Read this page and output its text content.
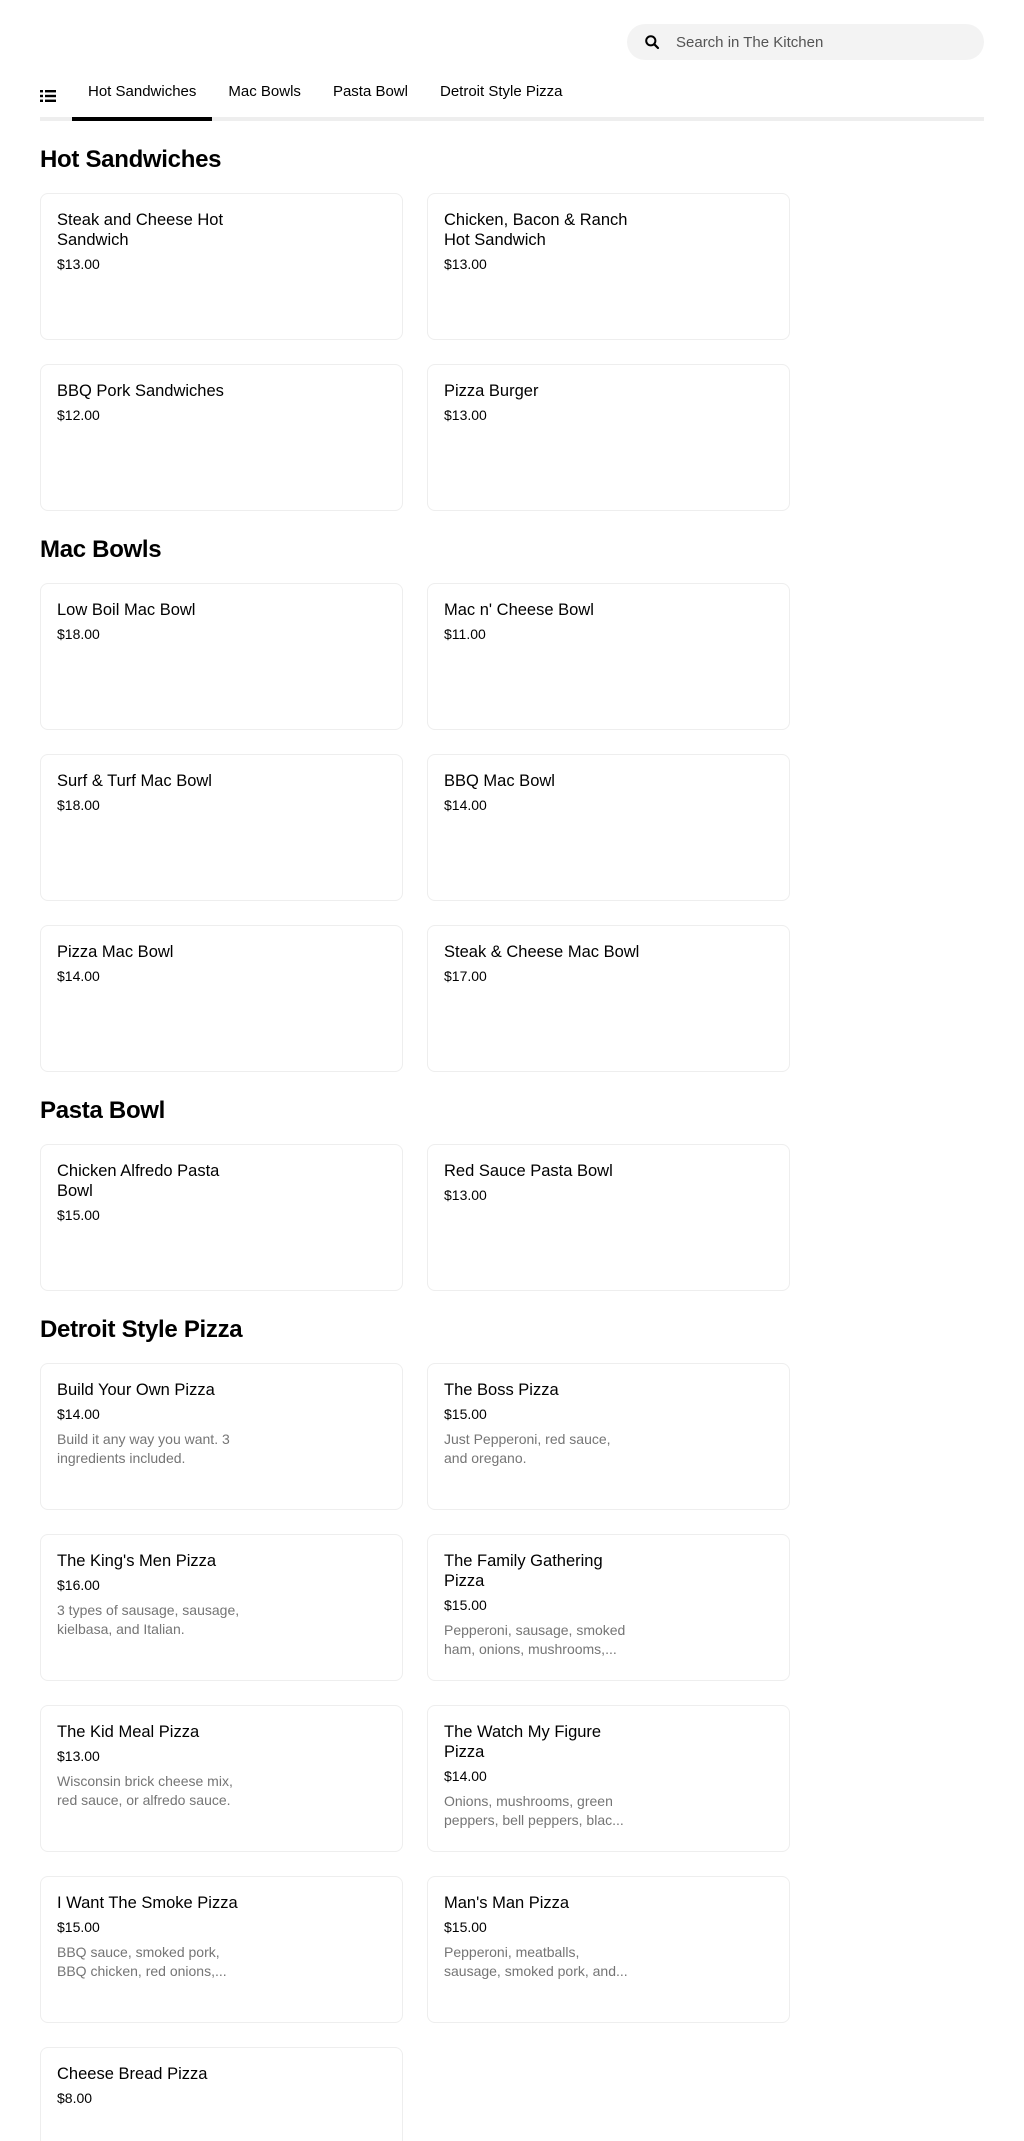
Search in The Kitchen
Hot Sandwiches	Mac Bowls	Pasta Bowl	Detroit Style Pizza
Hot Sandwiches
Steak and Cheese Hot Sandwich
$13.00
Chicken, Bacon & Ranch Hot Sandwich
$13.00
BBQ Pork Sandwiches
$12.00
Pizza Burger
$13.00
Mac Bowls
Low Boil Mac Bowl
$18.00
Mac n' Cheese Bowl
$11.00
Surf & Turf Mac Bowl
$18.00
BBQ Mac Bowl
$14.00
Pizza Mac Bowl
$14.00
Steak & Cheese Mac Bowl
$17.00
Pasta Bowl
Chicken Alfredo Pasta Bowl
$15.00
Red Sauce Pasta Bowl
$13.00
Detroit Style Pizza
Build Your Own Pizza
$14.00
Build it any way you want. 3 ingredients included.
The Boss Pizza
$15.00
Just Pepperoni, red sauce, and oregano.
The King's Men Pizza
$16.00
3 types of sausage, sausage, kielbasa, and Italian.
The Family Gathering Pizza
$15.00
Pepperoni, sausage, smoked ham, onions, mushrooms,...
The Kid Meal Pizza
$13.00
Wisconsin brick cheese mix, red sauce, or alfredo sauce.
The Watch My Figure Pizza
$14.00
Onions, mushrooms, green peppers, bell peppers, blac...
I Want The Smoke Pizza
$15.00
BBQ sauce, smoked pork, BBQ chicken, red onions,...
Man's Man Pizza
$15.00
Pepperoni, meatballs, sausage, smoked pork, and...
Cheese Bread Pizza
$8.00
